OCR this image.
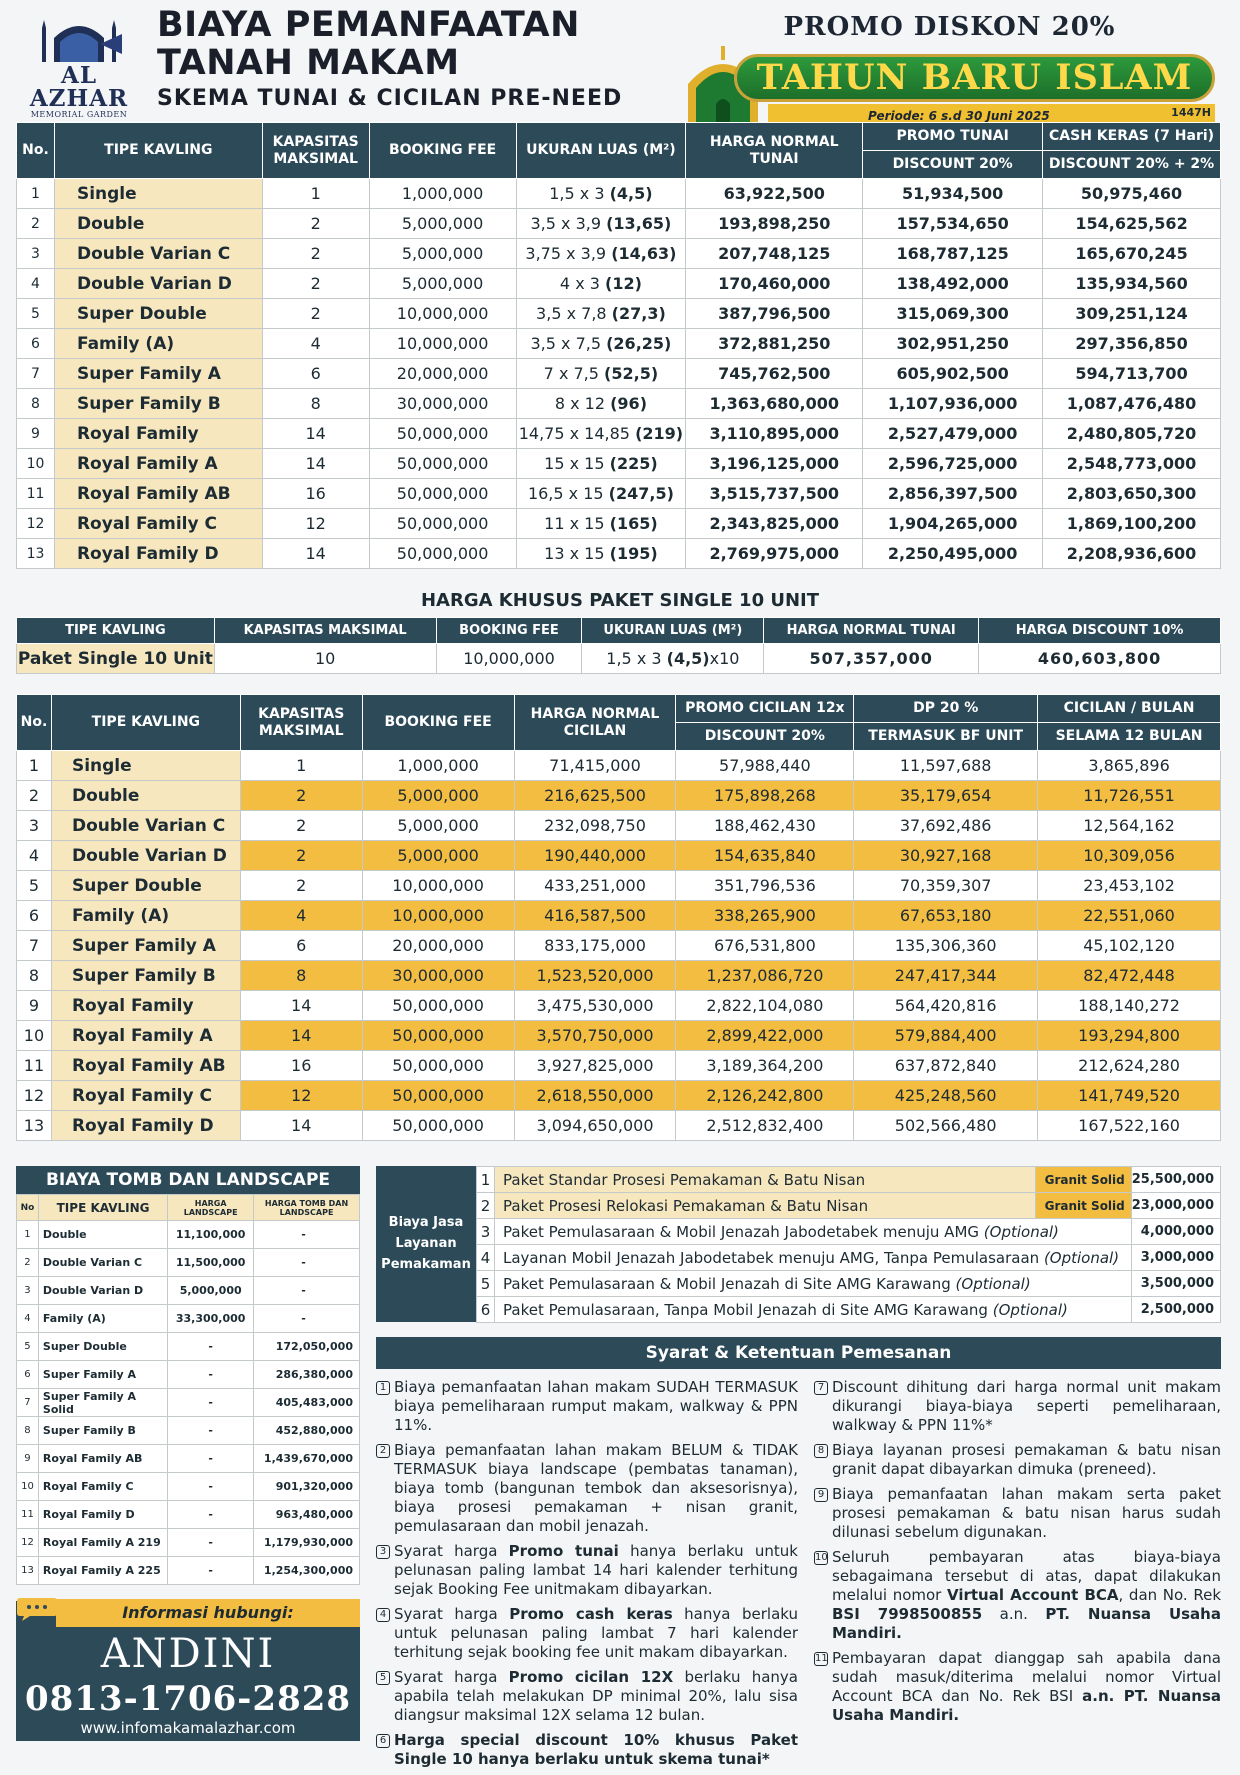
AL AZHAR
MEMORIAL GARDEN
BIAYA PEMANFAATAN
TANAH MAKAM
SKEMA TUNAI & CICILAN PRE-NEED
PROMO DISKON 20%
TAHUN BARU ISLAM
Periode: 6 s.d 30 Juni 2025	1447H
No.	TIPE KAVLING	KAPASITAS MAKSIMAL	BOOKING FEE	UKURAN LUAS (M²)	HARGA NORMAL TUNAI	PROMO TUNAI	CASH KERAS (7 Hari)
						DISCOUNT 20%	DISCOUNT 20% + 2%
1	Single	1	1,000,000	1,5 x 3 (4,5)	63,922,500	51,934,500	50,975,460
2	Double	2	5,000,000	3,5 x 3,9 (13,65)	193,898,250	157,534,650	154,625,562
3	Double Varian C	2	5,000,000	3,75 x 3,9 (14,63)	207,748,125	168,787,125	165,670,245
4	Double Varian D	2	5,000,000	4 x 3 (12)	170,460,000	138,492,000	135,934,560
5	Super Double	2	10,000,000	3,5 x 7,8 (27,3)	387,796,500	315,069,300	309,251,124
6	Family (A)	4	10,000,000	3,5 x 7,5 (26,25)	372,881,250	302,951,250	297,356,850
7	Super Family A	6	20,000,000	7 x 7,5 (52,5)	745,762,500	605,902,500	594,713,700
8	Super Family B	8	30,000,000	8 x 12 (96)	1,363,680,000	1,107,936,000	1,087,476,480
9	Royal Family	14	50,000,000	14,75 x 14,85 (219)	3,110,895,000	2,527,479,000	2,480,805,720
10	Royal Family A	14	50,000,000	15 x 15 (225)	3,196,125,000	2,596,725,000	2,548,773,000
11	Royal Family AB	16	50,000,000	16,5 x 15 (247,5)	3,515,737,500	2,856,397,500	2,803,650,300
12	Royal Family C	12	50,000,000	11 x 15 (165)	2,343,825,000	1,904,265,000	1,869,100,200
13	Royal Family D	14	50,000,000	13 x 15 (195)	2,769,975,000	2,250,495,000	2,208,936,600
HARGA KHUSUS PAKET SINGLE 10 UNIT
TIPE KAVLING	KAPASITAS MAKSIMAL	BOOKING FEE	UKURAN LUAS (M²)	HARGA NORMAL TUNAI	HARGA DISCOUNT 10%
Paket Single 10 Unit	10	10,000,000	1,5 x 3 (4,5)x10	507,357,000	460,603,800
No.	TIPE KAVLING	KAPASITAS MAKSIMAL	BOOKING FEE	HARGA NORMAL CICILAN	PROMO CICILAN 12x	DP 20 %	CICILAN / BULAN
					DISCOUNT 20%	TERMASUK BF UNIT	SELAMA 12 BULAN
1	Single	1	1,000,000	71,415,000	57,988,440	11,597,688	3,865,896
2	Double	2	5,000,000	216,625,500	175,898,268	35,179,654	11,726,551
3	Double Varian C	2	5,000,000	232,098,750	188,462,430	37,692,486	12,564,162
4	Double Varian D	2	5,000,000	190,440,000	154,635,840	30,927,168	10,309,056
5	Super Double	2	10,000,000	433,251,000	351,796,536	70,359,307	23,453,102
6	Family (A)	4	10,000,000	416,587,500	338,265,900	67,653,180	22,551,060
7	Super Family A	6	20,000,000	833,175,000	676,531,800	135,306,360	45,102,120
8	Super Family B	8	30,000,000	1,523,520,000	1,237,086,720	247,417,344	82,472,448
9	Royal Family	14	50,000,000	3,475,530,000	2,822,104,080	564,420,816	188,140,272
10	Royal Family A	14	50,000,000	3,570,750,000	2,899,422,000	579,884,400	193,294,800
11	Royal Family AB	16	50,000,000	3,927,825,000	3,189,364,200	637,872,840	212,624,280
12	Royal Family C	12	50,000,000	2,618,550,000	2,126,242,800	425,248,560	141,749,520
13	Royal Family D	14	50,000,000	3,094,650,000	2,512,832,400	502,566,480	167,522,160
BIAYA TOMB DAN LANDSCAPE
No	TIPE KAVLING	HARGA LANDSCAPE	HARGA TOMB DAN LANDSCAPE
1	Double	11,100,000	-
2	Double Varian C	11,500,000	-
3	Double Varian D	5,000,000	-
4	Family (A)	33,300,000	-
5	Super Double	-	172,050,000
6	Super Family A	-	286,380,000
7	Super Family A Solid	-	405,483,000
8	Super Family B	-	452,880,000
9	Royal Family AB	-	1,439,670,000
10	Royal Family C	-	901,320,000
11	Royal Family D	-	963,480,000
12	Royal Family A 219	-	1,179,930,000
13	Royal Family A 225	-	1,254,300,000
Biaya Jasa Layanan Pemakaman
1	Paket Standar Prosesi Pemakaman & Batu Nisan	Granit Solid	25,500,000
2	Paket Prosesi Relokasi Pemakaman & Batu Nisan	Granit Solid	23,000,000
3	Paket Pemulasaraan & Mobil Jenazah Jabodetabek menuju AMG (Optional)		4,000,000
4	Layanan Mobil Jenazah Jabodetabek menuju AMG, Tanpa Pemulasaraan (Optional)		3,000,000
5	Paket Pemulasaraan & Mobil Jenazah di Site AMG Karawang (Optional)		3,500,000
6	Paket Pemulasaraan, Tanpa Mobil Jenazah di Site AMG Karawang (Optional)		2,500,000
Syarat & Ketentuan Pemesanan
1 Biaya pemanfaatan lahan makam SUDAH TERMASUK biaya pemeliharaan rumput makam, walkway & PPN 11%.
2 Biaya pemanfaatan lahan makam BELUM & TIDAK TERMASUK biaya landscape (pembatas tanaman), biaya tomb (bangunan tembok dan aksesorisnya), biaya prosesi pemakaman + nisan granit, pemulasaraan dan mobil jenazah.
3 Syarat harga Promo tunai hanya berlaku untuk pelunasan paling lambat 14 hari kalender terhitung sejak Booking Fee unitmakam dibayarkan.
4 Syarat harga Promo cash keras hanya berlaku untuk pelunasan paling lambat 7 hari kalender terhitung sejak booking fee unit makam dibayarkan.
5 Syarat harga Promo cicilan 12X berlaku hanya apabila telah melakukan DP minimal 20%, lalu sisa diangsur maksimal 12X selama 12 bulan.
6 Harga special discount 10% khusus Paket Single 10 hanya berlaku untuk skema tunai*
7 Discount dihitung dari harga normal unit makam dikurangi biaya-biaya seperti pemeliharaan, walkway & PPN 11%*
8 Biaya layanan prosesi pemakaman & batu nisan granit dapat dibayarkan dimuka (preneed).
9 Biaya pemanfaatan lahan makam serta paket prosesi pemakaman & batu nisan harus sudah dilunasi sebelum digunakan.
10 Seluruh pembayaran atas biaya-biaya sebagaimana tersebut di atas, dapat dilakukan melalui nomor Virtual Account BCA, dan No. Rek BSI 7998500855 a.n. PT. Nuansa Usaha Mandiri.
11 Pembayaran dapat dianggap sah apabila dana sudah masuk/diterima melalui nomor Virtual Account BCA dan No. Rek BSI a.n. PT. Nuansa Usaha Mandiri.
Informasi hubungi:
ANDINI
0813-1706-2828
www.infomakamalazhar.com
